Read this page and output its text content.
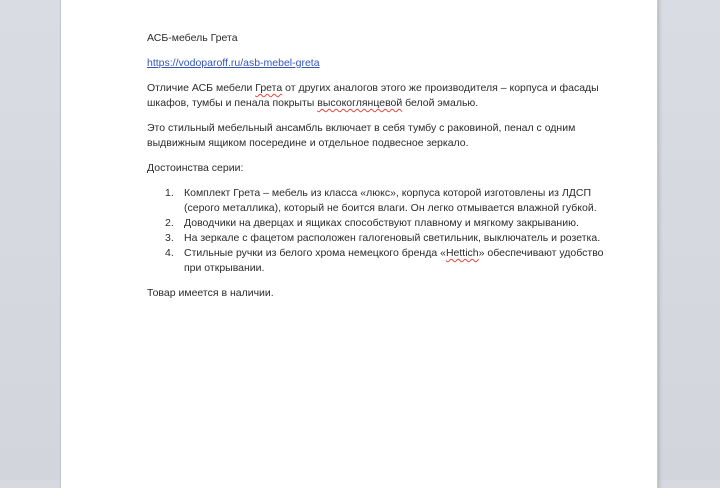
АСБ-мебель Грета

https://vodoparoff.ru/asb-mebel-greta

Отличие АСБ мебели Грета от других аналогов этого же производителя – корпуса и фасады шкафов, тумбы и пенала покрыты высокоглянцевой белой эмалью.

Это стильный мебельный ансамбль включает в себя тумбу с раковиной, пенал с одним выдвижным ящиком посередине и отдельное подвесное зеркало.

Достоинства серии:

1. Комплект Грета – мебель из класса «люкс», корпуса которой изготовлены из ЛДСП (серого металлика), который не боится влаги. Он легко отмывается влажной губкой.
2. Доводчики на дверцах и ящиках способствуют плавному и мягкому закрыванию.
3. На зеркале с фацетом расположен галогеновый светильник, выключатель и розетка.
4. Стильные ручки из белого хрома немецкого бренда «Hettich» обеспечивают удобство при открывании.

Товар имеется в наличии.
